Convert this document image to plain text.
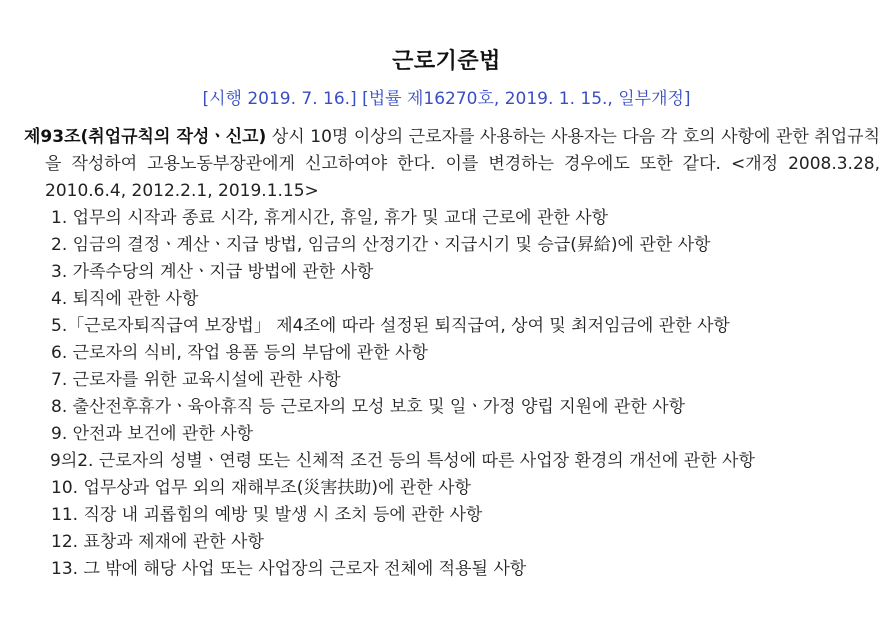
근로기준법
[시행 2019. 7. 16.] [법률 제16270호, 2019. 1. 15., 일부개정]
제93조(취업규칙의 작성ㆍ신고) 상시 10명 이상의 근로자를 사용하는 사용자는 다음 각 호의 사항에 관한 취업규칙을 작성하여 고용노동부장관에게 신고하여야 한다. 이를 변경하는 경우에도 또한 같다. <개정 2008.3.28, 2010.6.4, 2012.2.1, 2019.1.15>
1. 업무의 시작과 종료 시각, 휴게시간, 휴일, 휴가 및 교대 근로에 관한 사항
2. 임금의 결정ㆍ계산ㆍ지급 방법, 임금의 산정기간ㆍ지급시기 및 승급(昇給)에 관한 사항
3. 가족수당의 계산ㆍ지급 방법에 관한 사항
4. 퇴직에 관한 사항
5.「근로자퇴직급여 보장법」 제4조에 따라 설정된 퇴직급여, 상여 및 최저임금에 관한 사항
6. 근로자의 식비, 작업 용품 등의 부담에 관한 사항
7. 근로자를 위한 교육시설에 관한 사항
8. 출산전후휴가ㆍ육아휴직 등 근로자의 모성 보호 및 일ㆍ가정 양립 지원에 관한 사항
9. 안전과 보건에 관한 사항
9의2. 근로자의 성별ㆍ연령 또는 신체적 조건 등의 특성에 따른 사업장 환경의 개선에 관한 사항
10. 업무상과 업무 외의 재해부조(災害扶助)에 관한 사항
11. 직장 내 괴롭힘의 예방 및 발생 시 조치 등에 관한 사항
12. 표창과 제재에 관한 사항
13. 그 밖에 해당 사업 또는 사업장의 근로자 전체에 적용될 사항
